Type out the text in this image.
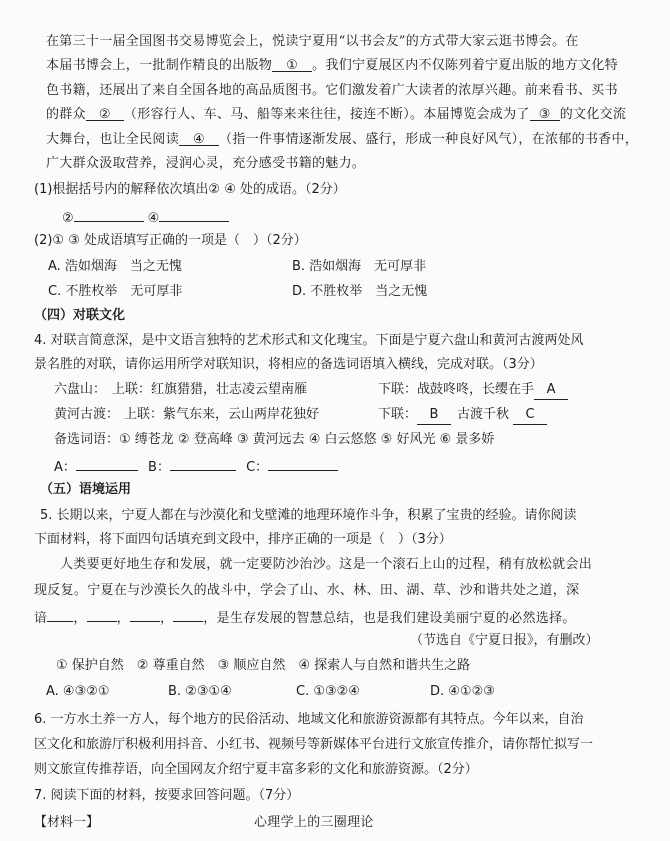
在第三十一届全国图书交易博览会上，悦读宁夏用“以书会友”的方式带大家云逛书博会。在
本届书博会上，一批制作精良的出版物 ① 。我们宁夏展区内不仅陈列着宁夏出版的地方文化特
色书籍，还展出了来自全国各地的高品质图书。它们激发着广大读者的浓厚兴趣。前来看书、买书
的群众 ② （形容行人、车、马、船等来来往往，接连不断）。本届博览会成为了 ③ 的文化交流
大舞台，也让全民阅读 ④ （指一件事情逐渐发展、盛行，形成一种良好风气），在浓郁的书香中，
广大群众汲取营养，浸润心灵，充分感受书籍的魅力。
(1)根据括号内的解释依次填出② ④ 处的成语。（2分）
②	④
(2)① ③ 处成语填写正确的一项是（　）（2分）
A. 浩如烟海　当之无愧	B. 浩如烟海　无可厚非
C. 不胜枚举　无可厚非	D. 不胜枚举　当之无愧
（四）对联文化
4. 对联言简意深，是中文语言独特的艺术形式和文化瑰宝。下面是宁夏六盘山和黄河古渡两处风
景名胜的对联，请你运用所学对联知识，将相应的备选词语填入横线，完成对联。（3分）
六盘山： 上联：红旗猎猎，壮志凌云望南雁	下联：战鼓咚咚，长缨在手 A
黄河古渡： 上联：紫气东来，云山两岸花独好	下联： B 古渡千秋 C
备选词语：① 缚苍龙 ② 登高峰 ③ 黄河远去 ④ 白云悠悠 ⑤ 好风光 ⑥ 景多娇
A：	B：	C：
（五）语境运用
5. 长期以来，宁夏人都在与沙漠化和戈壁滩的地理环境作斗争，积累了宝贵的经验。请你阅读
下面材料，将下面四句话填充到文段中，排序正确的一项是（　）（3分）
人类要更好地生存和发展，就一定要防沙治沙。这是一个滚石上山的过程，稍有放松就会出
现反复。宁夏在与沙漠长久的战斗中，学会了山、水、林、田、湖、草、沙和谐共处之道，深
谙 ， ， ， ，是生存发展的智慧总结，也是我们建设美丽宁夏的必然选择。
（节选自《宁夏日报》，有删改）
① 保护自然　② 尊重自然　③ 顺应自然　④ 探索人与自然和谐共生之路
A. ④③②①	B. ②③①④	C. ①③②④	D. ④①②③
6. 一方水土养一方人，每个地方的民俗活动、地域文化和旅游资源都有其特点。今年以来，自治
区文化和旅游厅积极利用抖音、小红书、视频号等新媒体平台进行文旅宣传推介，请你帮忙拟写一
则文旅宣传推荐语，向全国网友介绍宁夏丰富多彩的文化和旅游资源。（2分）
7. 阅读下面的材料，按要求回答问题。（7分）
【材料一】	心理学上的三圈理论
